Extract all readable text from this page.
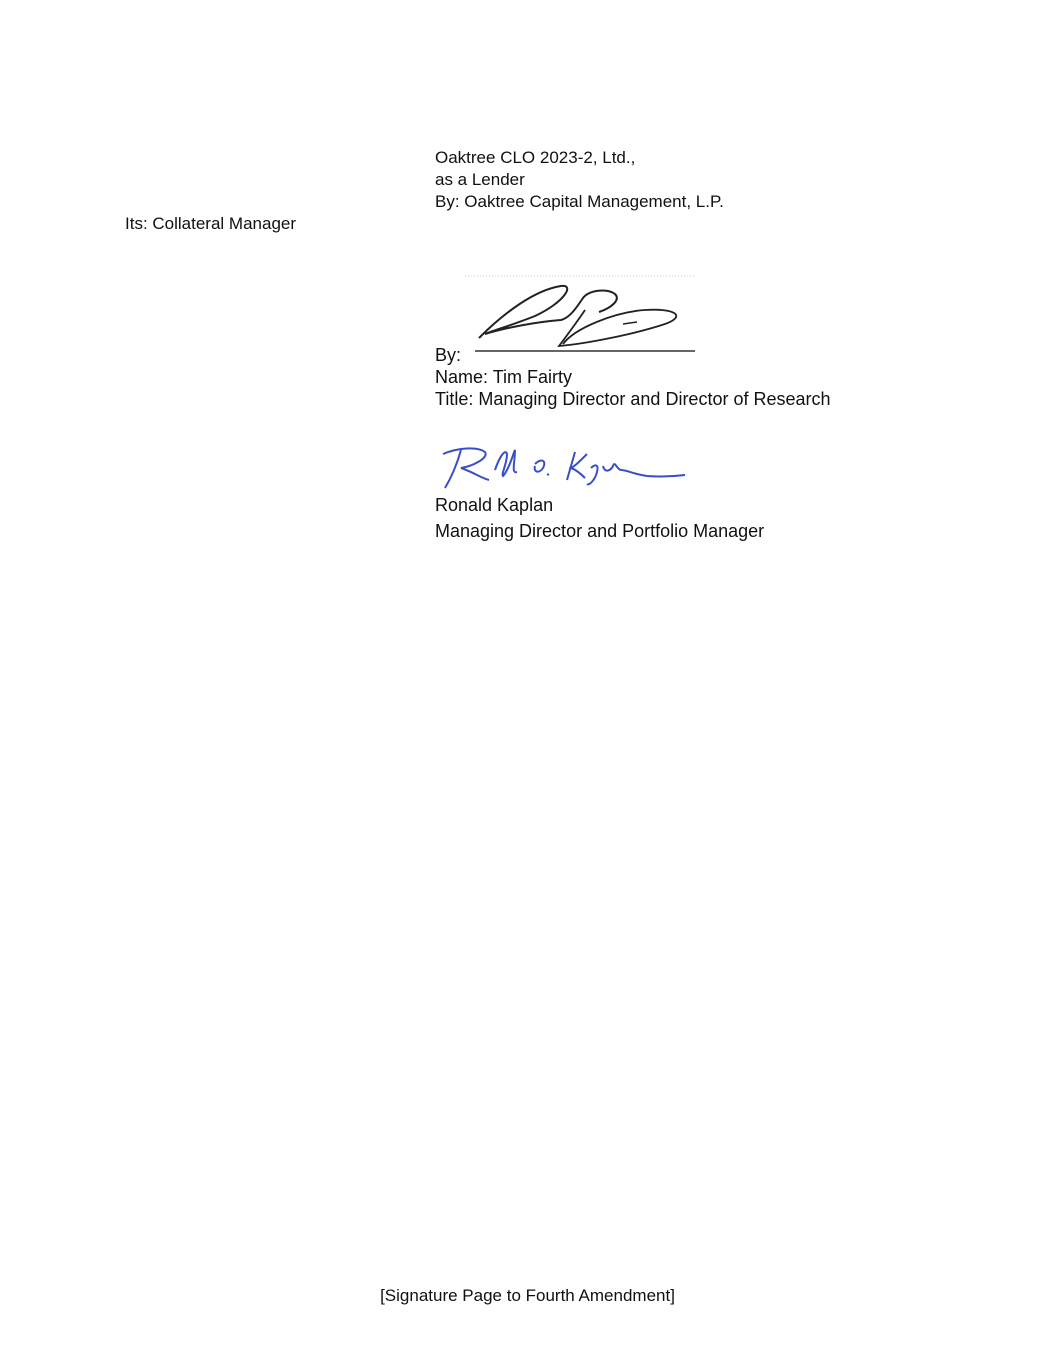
Oaktree CLO 2023-2, Ltd.,
as a Lender
By: Oaktree Capital Management, L.P.
Its: Collateral Manager
By:
Name: Tim Fairty
Title: Managing Director and Director of Research
Ronald Kaplan
Managing Director and Portfolio Manager
[Signature Page to Fourth Amendment]
